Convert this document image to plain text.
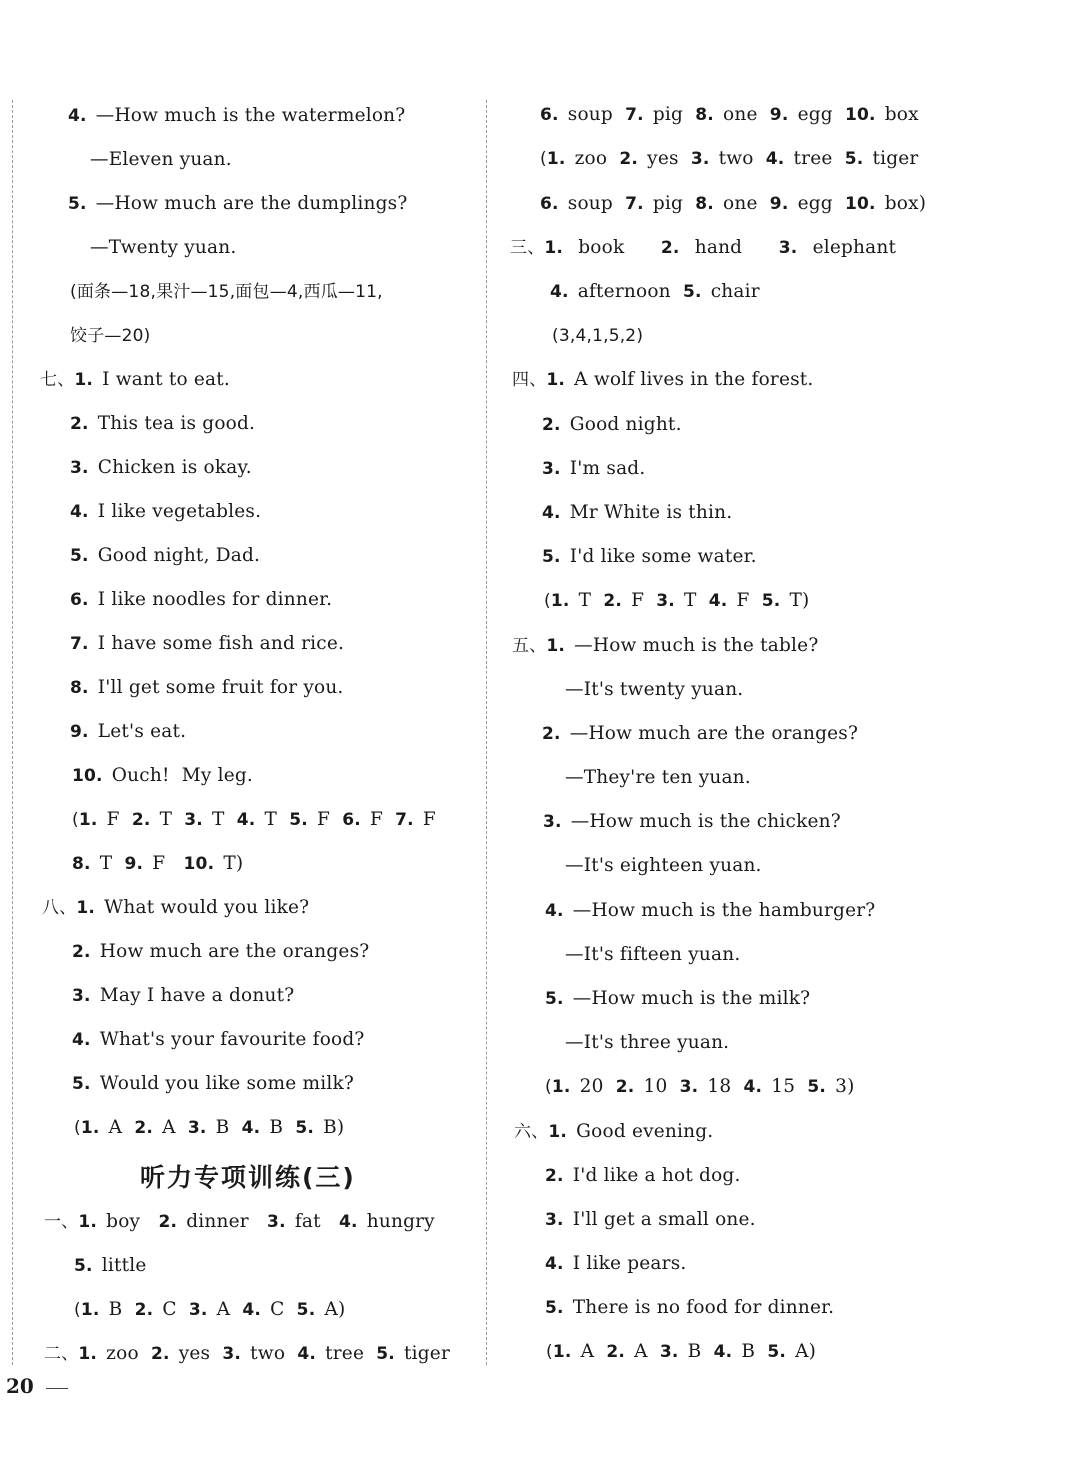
4. —How much is the watermelon?
—Eleven yuan.
5. —How much are the dumplings?
—Twenty yuan.
(面条—18,果汁—15,面包—4,西瓜—11,
饺子—20)
七、1. I want to eat.
2. This tea is good.
3. Chicken is okay.
4. I like vegetables.
5. Good night, Dad.
6. I like noodles for dinner.
7. I have some fish and rice.
8. I'll get some fruit for you.
9. Let's eat.
10. Ouch!  My leg.
(1. F  2. T  3. T  4. T  5. F  6. F  7. F
8. T  9. F   10. T)
八、1. What would you like?
2. How much are the oranges?
3. May I have a donut?
4. What's your favourite food?
5. Would you like some milk?
(1. A  2. A  3. B  4. B  5. B)
一、1. boy   2. dinner   3. fat   4. hungry
5. little
(1. B  2. C  3. A  4. C  5. A)
二、1. zoo  2. yes  3. two  4. tree  5. tiger
6. soup  7. pig  8. one  9. egg  10. box
(1. zoo  2. yes  3. two  4. tree  5. tiger
6. soup  7. pig  8. one  9. egg  10. box)
三、1.  book      2.  hand      3.  elephant
4. afternoon  5. chair
(3,4,1,5,2)
四、1. A wolf lives in the forest.
2. Good night.
3. I'm sad.
4. Mr White is thin.
5. I'd like some water.
(1. T  2. F  3. T  4. F  5. T)
五、1. —How much is the table?
—It's twenty yuan.
2. —How much are the oranges?
—They're ten yuan.
3. —How much is the chicken?
—It's eighteen yuan.
4. —How much is the hamburger?
—It's fifteen yuan.
5. —How much is the milk?
—It's three yuan.
(1. 20  2. 10  3. 18  4. 15  5. 3)
六、1. Good evening.
2. I'd like a hot dog.
3. I'll get a small one.
4. I like pears.
5. There is no food for dinner.
(1. A  2. A  3. B  4. B  5. A)
听力专项训练(三)
20
